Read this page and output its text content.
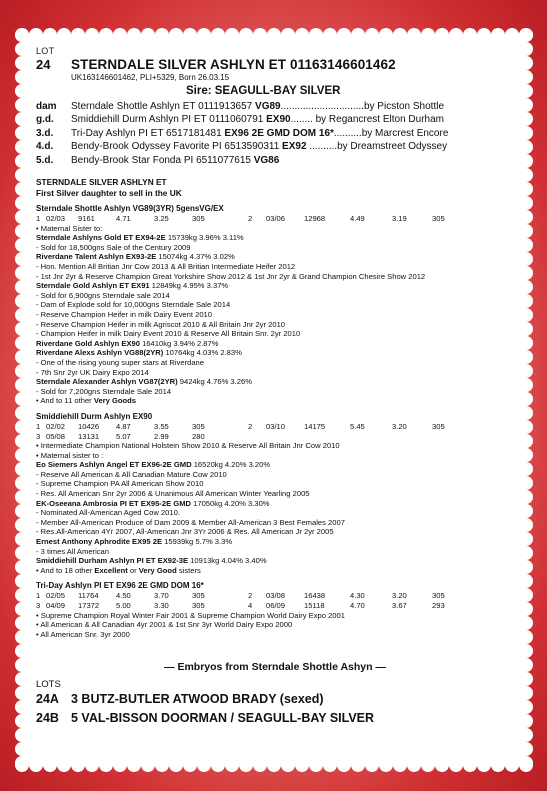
LOT
24	STERNDALE SILVER ASHLYN ET 01163146601462
UK163146601462, PLI+5329, Born 26.03.15
Sire: SEAGULL-BAY SILVER
dam	Sterndale Shottle Ashlyn ET 0111913657 VG89..............................by Picston Shottle
g.d.	Smiddiehill Durm Ashlyn PI ET 0111060791 EX90........ by Regancrest Elton Durham
3.d.	Tri-Day Ashlyn PI ET 6517181481 EX96 2E GMD DOM 16*..........by Marcrest Encore
4.d.	Bendy-Brook Odyssey Favorite PI 6513590311 EX92 ..........by Dreamstreet Odyssey
5.d.	Bendy-Brook Star Fonda PI 6511077615 VG86
STERNDALE SILVER ASHLYN ET
First Silver daughter to sell in the UK
Sterndale Shottle Ashlyn VG89(3YR) 5gensVG/EX
1 02/03	9161	4.71	3.25	305	2	03/06	12968	4.49	3.19	305
• Maternal Sister to:
Sterndale Ashlyns Gold ET EX94-2E 15739kg 3.96% 3.11%
- Sold for 18,500gns Sale of the Century 2009
Riverdane Talent Ashlyn EX93-2E 15074kg 4.37% 3.02%
- Hon. Mention All Britian Jnr Cow 2013 & All Britian Intermediate Heifer 2012
- 1st Jnr 2yr & Reserve Champion Great Yorkshire Show 2012 & 1st Jnr 2yr & Grand Champion Chesire Show 2012
Sterndale Gold Ashlyn ET EX91 12849kg 4.95% 3.37%
- Sold for 6,900gns Sterndale sale 2014
- Dam of Explode sold for 10,000gns Sterndale Sale 2014
- Reserve Champion Heifer in milk Dairy Event 2010
- Reserve Champion Heifer in milk Agriscot 2010 & All Britain Jnr 2yr 2010
- Champion Heifer in milk Dairy Event 2010 & Reserve All Britain Snr. 2yr 2010
Riverdane Gold Ashlyn EX90 16410kg 3.94% 2.87%
Riverdane Alexs Ashlyn VG88(2YR) 10764kg 4.03% 2.83%
- One of the rising young super stars at Riverdane
- 7th Snr 2yr UK Dairy Expo 2014
Sterndale Alexander Ashlyn VG87(2YR) 9424kg 4.76% 3.26%
- Sold for 7,200gns Sterndale Sale 2014
• And to 11 other Very Goods
Smiddiehill Durm Ashlyn EX90
1 02/02	10426	4.87	3.55	305	2	03/10	14175	5.45	3.20	305
3 05/08	13131	5.07	2.99	280
• Intermediate Champion National Holstein Show 2010 & Reserve All Britain Jnr Cow 2010
• Maternal sister to :
Eo Siemers Ashlyn Angel ET EX96-2E GMD 16520kg 4.20% 3.20%
- Reserve All American & All Canadian Mature Cow 2010
- Supreme Champion PA All American Show 2010
- Res. All American Snr 2yr 2006 & Unanimous All American Winter Yearling 2005
EK-Oseeana Ambrosia PI ET EX95-2E GMD 17050kg 4.20% 3.30%
- Nominated All-American Aged Cow 2010.
- Member All-American Produce of Dam 2009 & Member All-American 3 Best Females 2007
- Res.All-American 4Yr 2007, All-American Jnr 3Yr 2006 & Res. All American Jr 2yr 2005
Ernest Anthony Aphrodite EX95 2E 15939kg 5.7% 3.3%
- 3 times All American
Smiddiehill Durham Ashlyn PI ET EX92-3E 10913kg 4.04% 3.40%
• And to 18 other Excellent or Very Good sisters
Tri-Day Ashlyn PI ET EX96 2E GMD DOM 16*
1 02/05	11764	4.50	3.70	305	2	03/08	16438	4.30	3.20	305
3 04/09	17372	5.00	3.30	305	4	06/09	15118	4.70	3.67	293
• Supreme Champion Royal Winter Fair 2001 & Supreme Champion World Dairy Expo 2001
• All American & All Canadian 4yr 2001 & 1st Snr 3yr World Dairy Expo 2000
• All American Snr. 3yr 2000
— Embryos from Sterndale Shottle Ashyn —
LOTS
24A 3 BUTZ-BUTLER ATWOOD BRADY (sexed)
24B 5 VAL-BISSON DOORMAN / SEAGULL-BAY SILVER
